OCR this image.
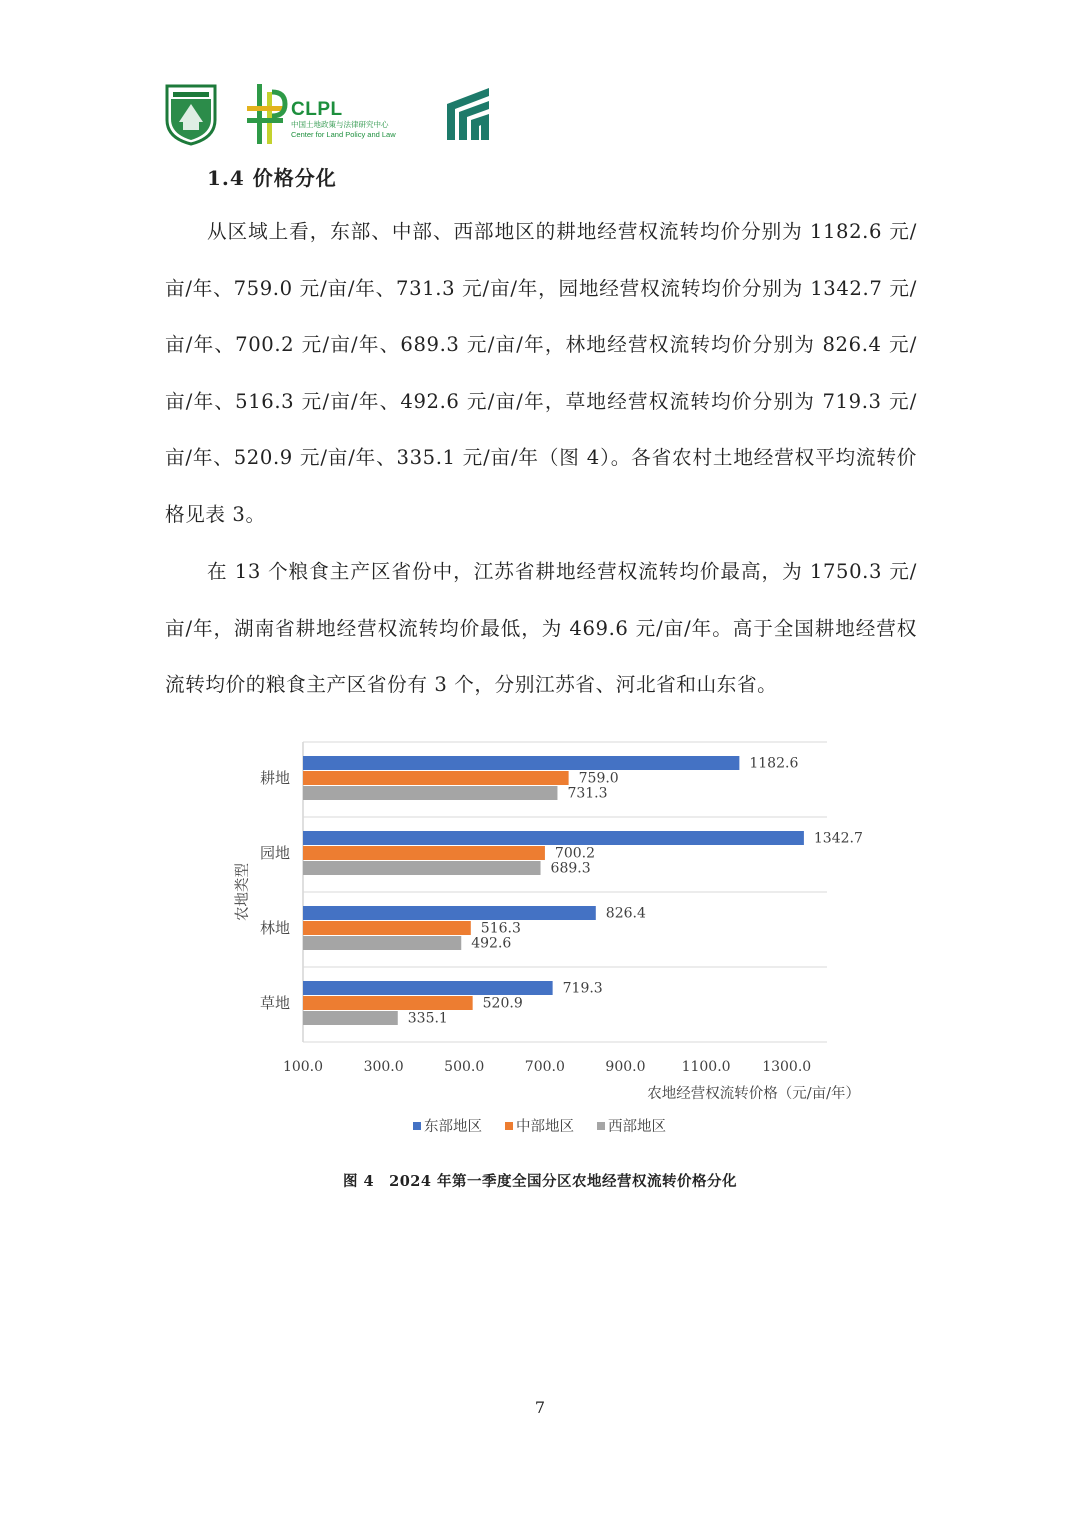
CLPL
中国土地政策与法律研究中心
Center for Land Policy and Law
1.4 价格分化

从区域上看，东部、中部、西部地区的耕地经营权流转均价分别为 1182.6 元/亩/年、759.0 元/亩/年、731.3 元/亩/年，园地经营权流转均价分别为 1342.7 元/亩/年、700.2 元/亩/年、689.3 元/亩/年，林地经营权流转均价分别为 826.4 元/亩/年、516.3 元/亩/年、492.6 元/亩/年，草地经营权流转均价分别为 719.3 元/亩/年、520.9 元/亩/年、335.1 元/亩/年（图 4）。各省农村土地经营权平均流转价格见表 3。

在 13 个粮食主产区省份中，江苏省耕地经营权流转均价最高，为 1750.3 元/亩/年，湖南省耕地经营权流转均价最低，为 469.6 元/亩/年。高于全国耕地经营权流转均价的粮食主产区省份有 3 个，分别江苏省、河北省和山东省。

1182.6
759.0
731.3
耕地
1342.7
700.2
689.3
园地
826.4
516.3
492.6
林地
719.3
520.9
335.1
草地
100.0	300.0	500.0	700.0	900.0	1100.0 1300.0
农地经营权流转价格（元/亩/年）
农地类型
东部地区 中部地区 西部地区
图 4　2024 年第一季度全国分区农地经营权流转价格分化
7
